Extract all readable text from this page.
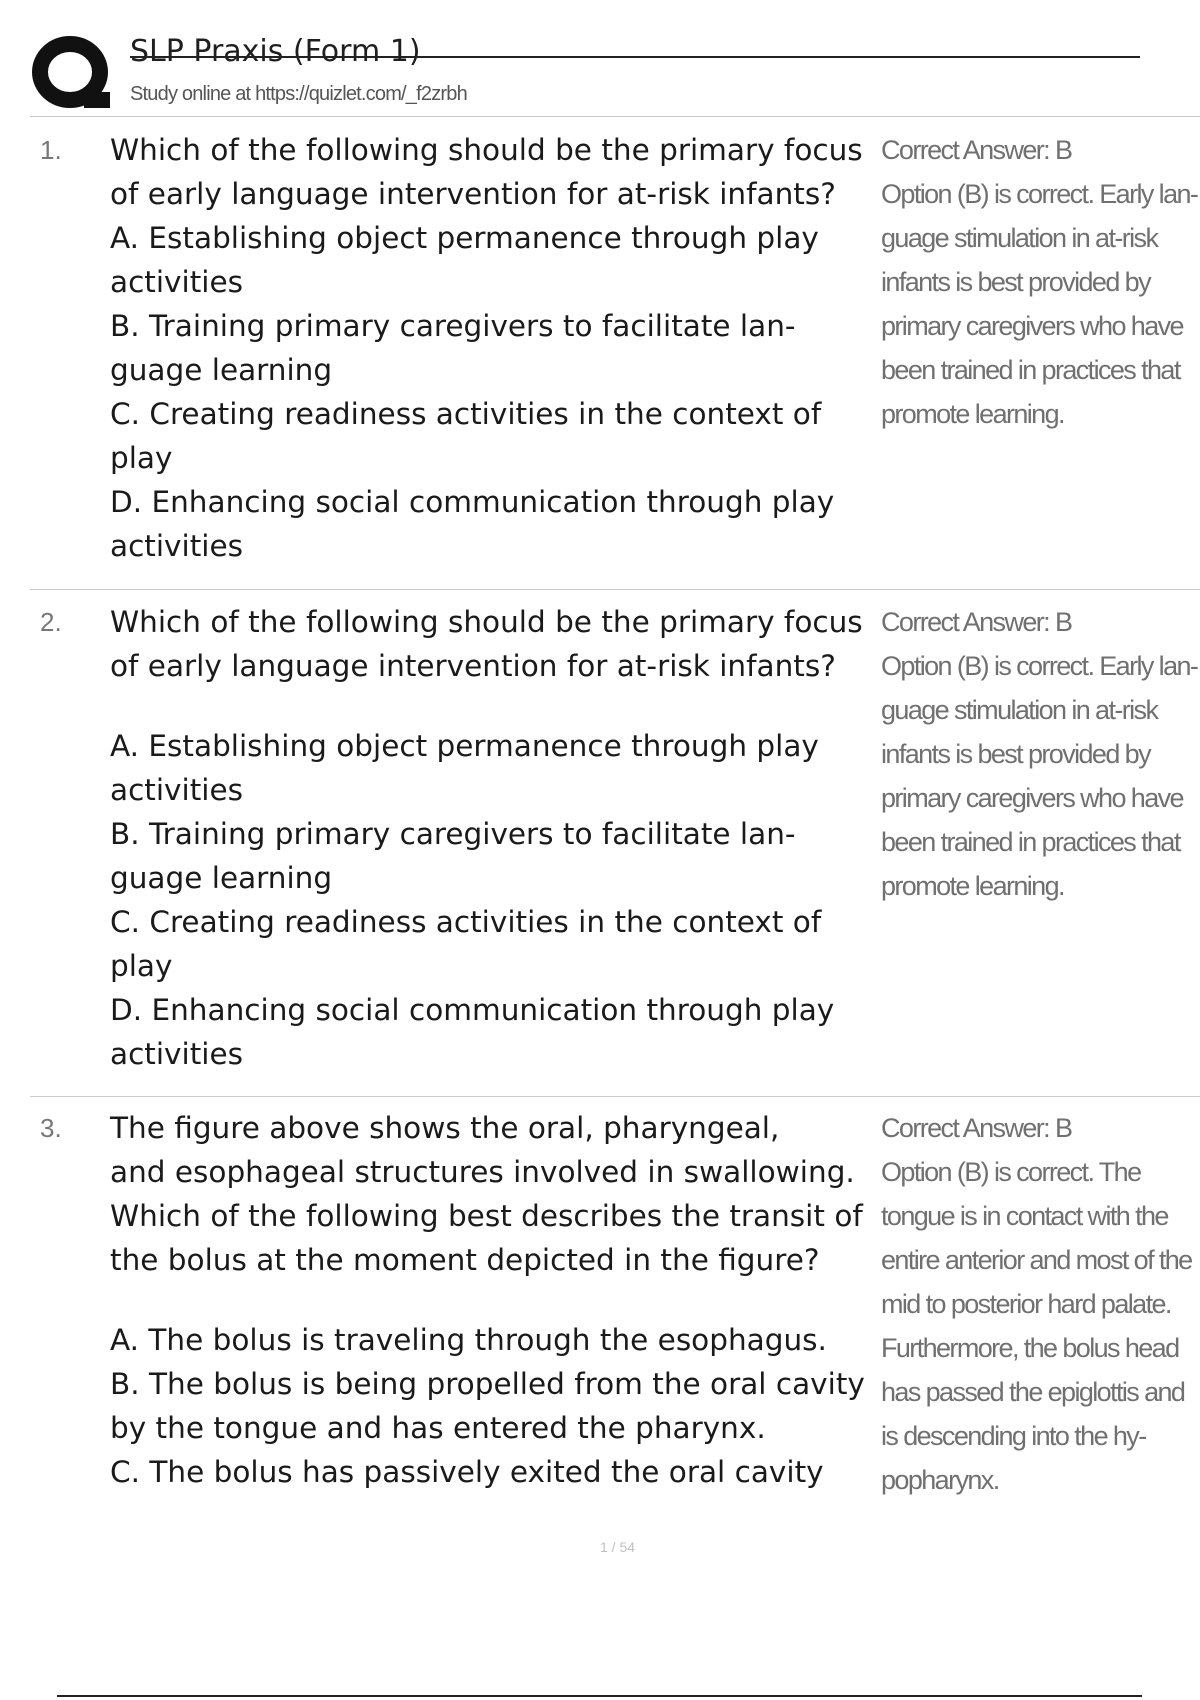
SLP Praxis (Form 1)
Study online at https://quizlet.com/_f2zrbh
1. Which of the following should be the primary focus
of early language intervention for at-risk infants?
A. Establishing object permanence through play
activities
B. Training primary caregivers to facilitate lan-
guage learning
C. Creating readiness activities in the context of
play
D. Enhancing social communication through play
activities
Correct Answer: B
Option (B) is correct. Early lan-
guage stimulation in at-risk
infants is best provided by
primary caregivers who have
been trained in practices that
promote learning.
2. Which of the following should be the primary focus
of early language intervention for at-risk infants?
A. Establishing object permanence through play
activities
B. Training primary caregivers to facilitate lan-
guage learning
C. Creating readiness activities in the context of
play
D. Enhancing social communication through play
activities
Correct Answer: B
Option (B) is correct. Early lan-
guage stimulation in at-risk
infants is best provided by
primary caregivers who have
been trained in practices that
promote learning.
3. The figure above shows the oral, pharyngeal,
and esophageal structures involved in swallowing.
Which of the following best describes the transit of
the bolus at the moment depicted in the figure?
A. The bolus is traveling through the esophagus.
B. The bolus is being propelled from the oral cavity
by the tongue and has entered the pharynx.
C. The bolus has passively exited the oral cavity
Correct Answer: B
Option (B) is correct. The
tongue is in contact with the
entire anterior and most of the
mid to posterior hard palate.
Furthermore, the bolus head
has passed the epiglottis and
is descending into the hy-
popharynx.
1 / 54
